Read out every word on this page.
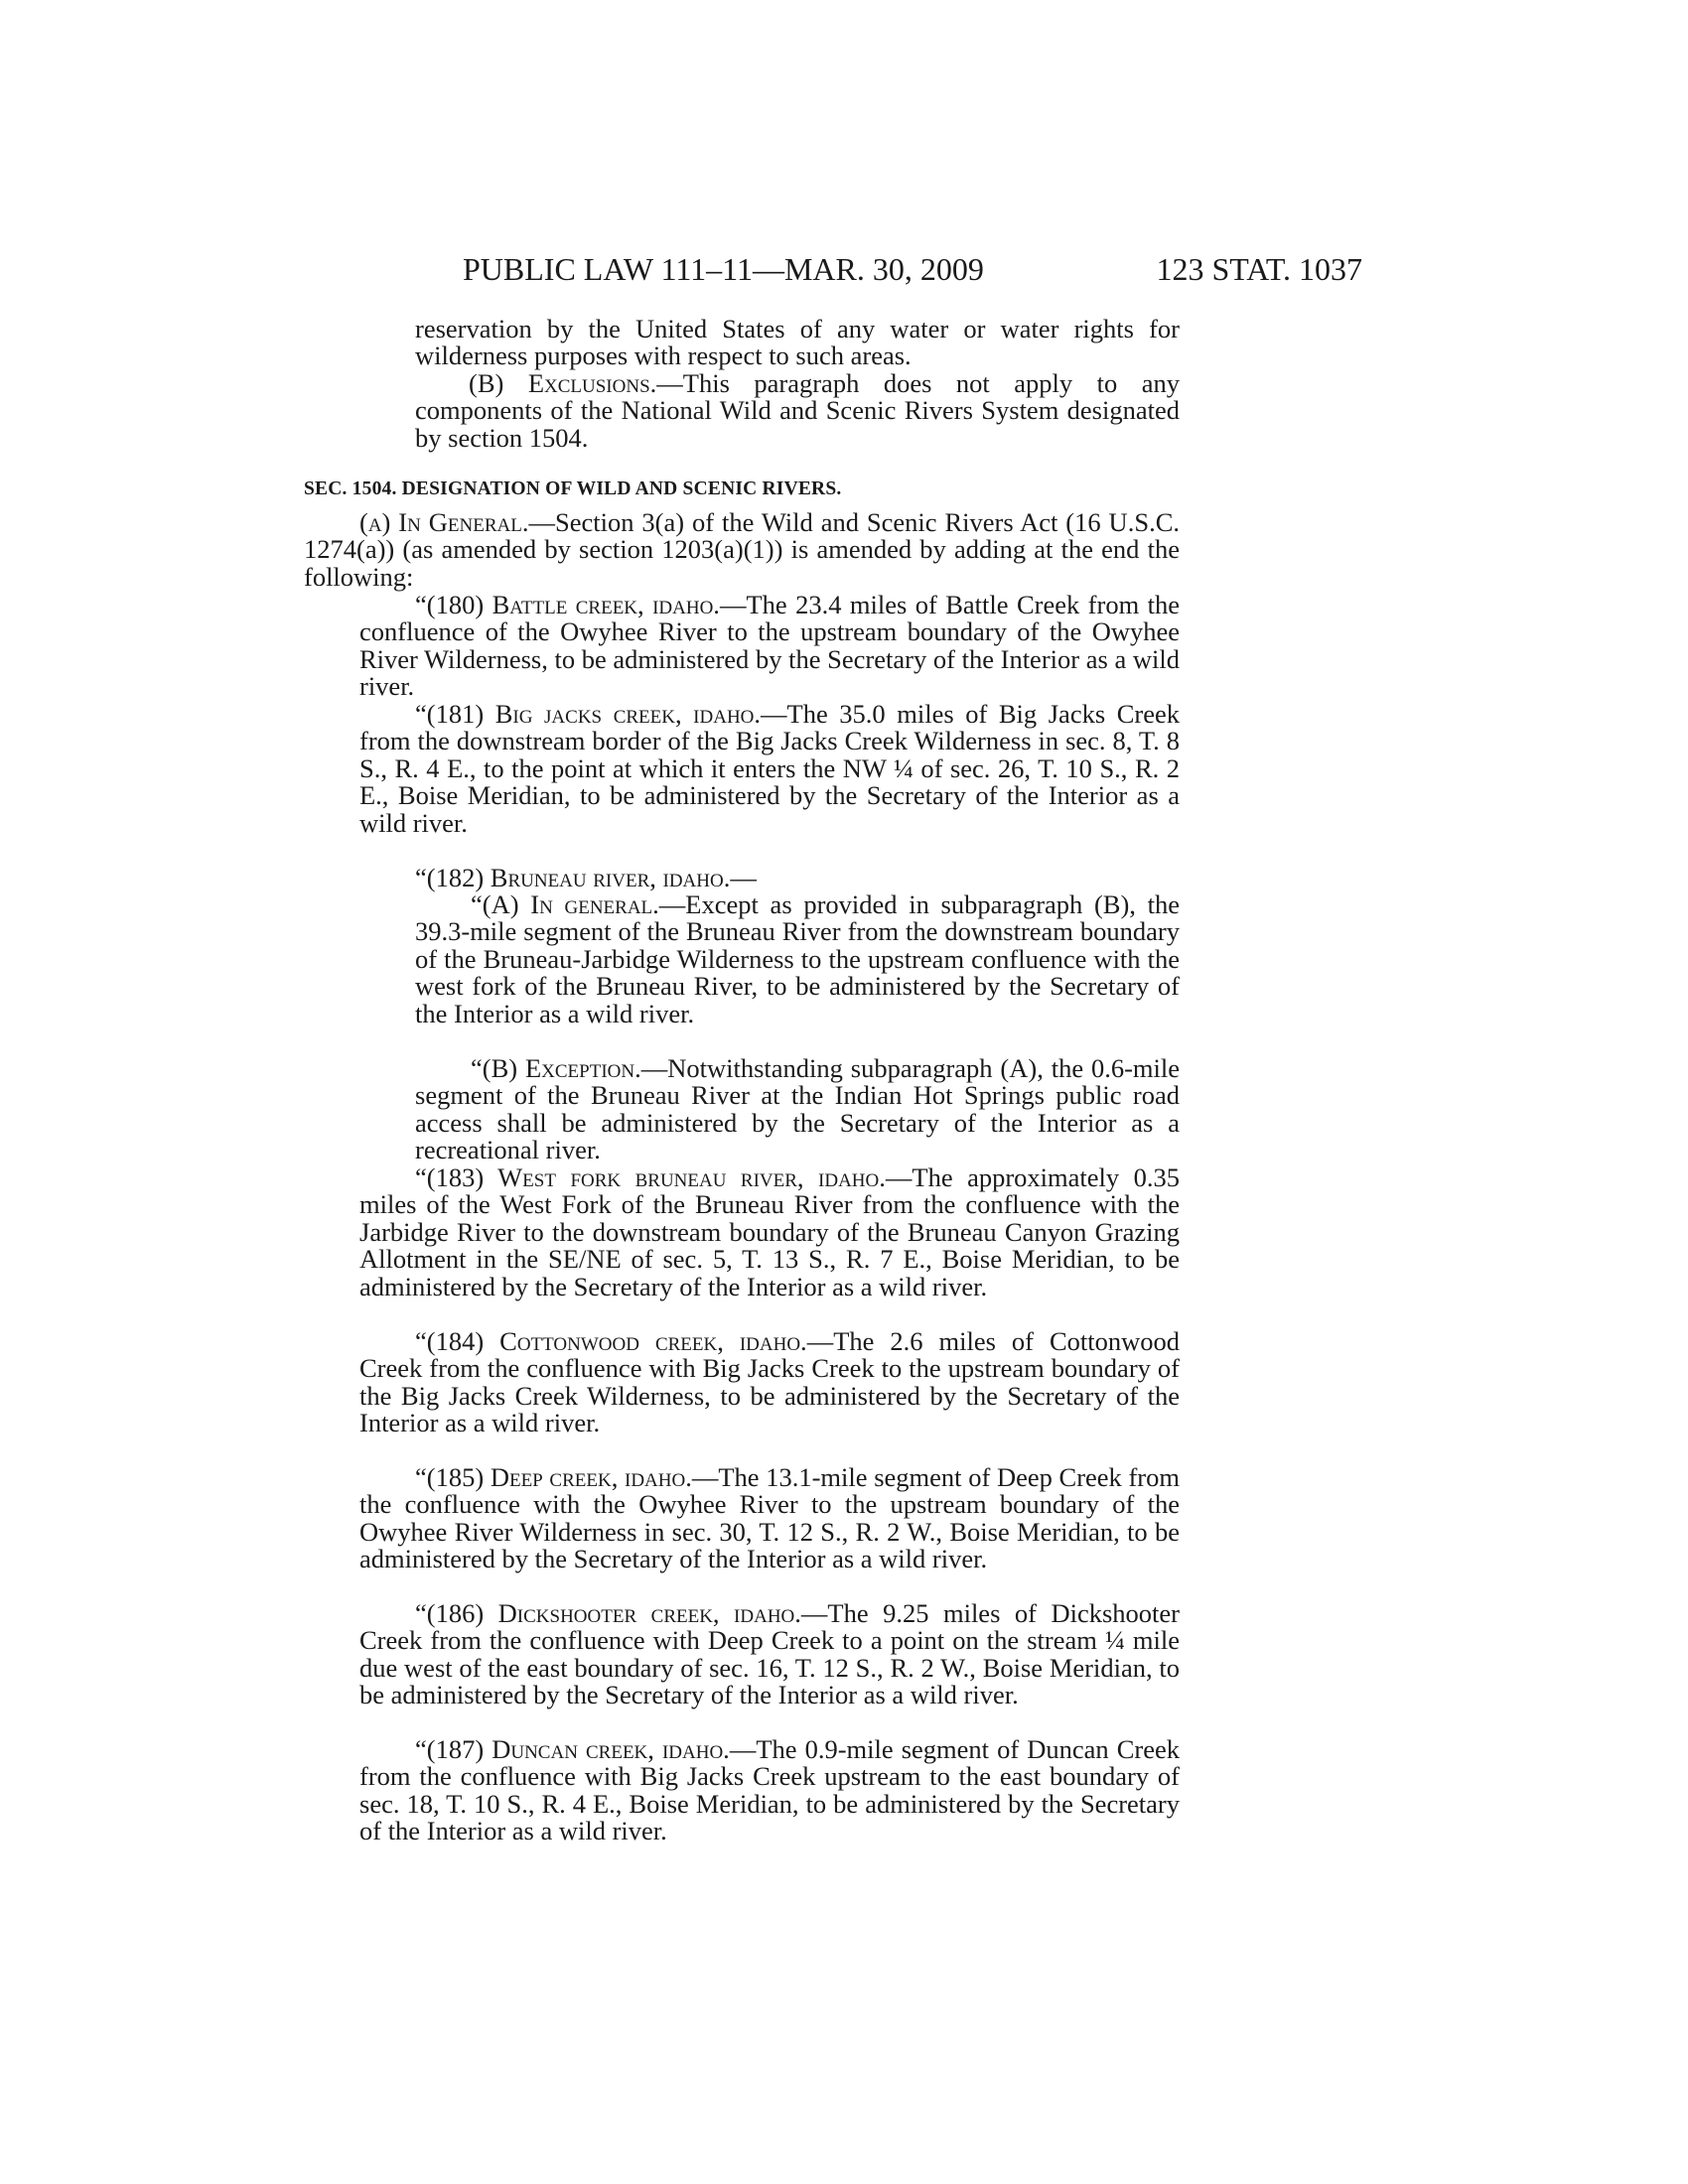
PUBLIC LAW 111–11—MAR. 30, 2009	123 STAT. 1037

reservation by the United States of any water or water rights for wilderness purposes with respect to such areas.

(B) Exclusions.—This paragraph does not apply to any components of the National Wild and Scenic Rivers System designated by section 1504.

SEC. 1504. DESIGNATION OF WILD AND SCENIC RIVERS.

(a) In General.—Section 3(a) of the Wild and Scenic Rivers Act (16 U.S.C. 1274(a)) (as amended by section 1203(a)(1)) is amended by adding at the end the following:

“(180) Battle creek, idaho.—The 23.4 miles of Battle Creek from the confluence of the Owyhee River to the upstream boundary of the Owyhee River Wilderness, to be administered by the Secretary of the Interior as a wild river.

“(181) Big jacks creek, idaho.—The 35.0 miles of Big Jacks Creek from the downstream border of the Big Jacks Creek Wilderness in sec. 8, T. 8 S., R. 4 E., to the point at which it enters the NW ¼ of sec. 26, T. 10 S., R. 2 E., Boise Meridian, to be administered by the Secretary of the Interior as a wild river.

“(182) Bruneau river, idaho.—

“(A) In general.—Except as provided in subparagraph (B), the 39.3-mile segment of the Bruneau River from the downstream boundary of the Bruneau-Jarbidge Wilderness to the upstream confluence with the west fork of the Bruneau River, to be administered by the Secretary of the Interior as a wild river.

“(B) Exception.—Notwithstanding subparagraph (A), the 0.6-mile segment of the Bruneau River at the Indian Hot Springs public road access shall be administered by the Secretary of the Interior as a recreational river.

“(183) West fork bruneau river, idaho.—The approximately 0.35 miles of the West Fork of the Bruneau River from the confluence with the Jarbidge River to the downstream boundary of the Bruneau Canyon Grazing Allotment in the SE/NE of sec. 5, T. 13 S., R. 7 E., Boise Meridian, to be administered by the Secretary of the Interior as a wild river.

“(184) Cottonwood creek, idaho.—The 2.6 miles of Cottonwood Creek from the confluence with Big Jacks Creek to the upstream boundary of the Big Jacks Creek Wilderness, to be administered by the Secretary of the Interior as a wild river.

“(185) Deep creek, idaho.—The 13.1-mile segment of Deep Creek from the confluence with the Owyhee River to the upstream boundary of the Owyhee River Wilderness in sec. 30, T. 12 S., R. 2 W., Boise Meridian, to be administered by the Secretary of the Interior as a wild river.

“(186) Dickshooter creek, idaho.—The 9.25 miles of Dickshooter Creek from the confluence with Deep Creek to a point on the stream ¼ mile due west of the east boundary of sec. 16, T. 12 S., R. 2 W., Boise Meridian, to be administered by the Secretary of the Interior as a wild river.

“(187) Duncan creek, idaho.—The 0.9-mile segment of Duncan Creek from the confluence with Big Jacks Creek upstream to the east boundary of sec. 18, T. 10 S., R. 4 E., Boise Meridian, to be administered by the Secretary of the Interior as a wild river.
